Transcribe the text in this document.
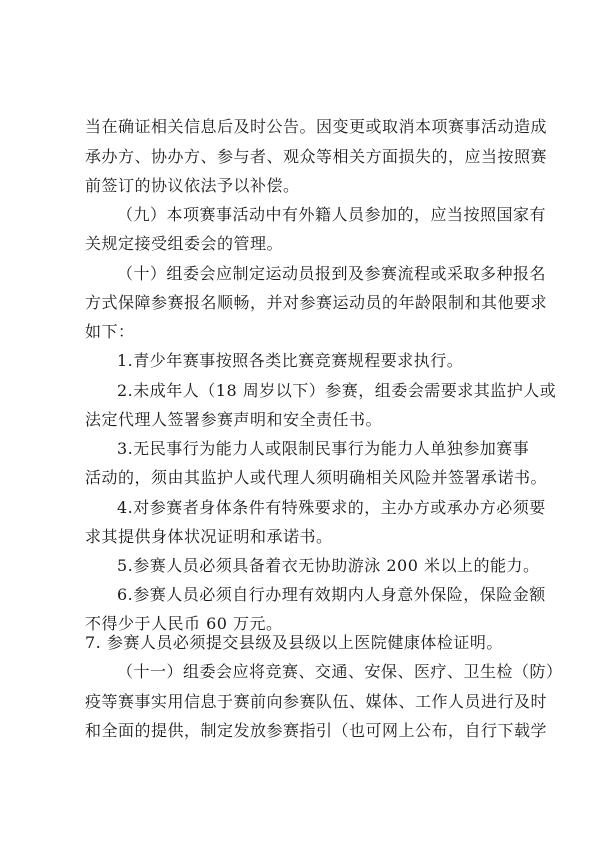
当在确证相关信息后及时公告。因变更或取消本项赛事活动造成
承办方、协办方、参与者、观众等相关方面损失的，应当按照赛
前签订的协议依法予以补偿。
（九）本项赛事活动中有外籍人员参加的，应当按照国家有
关规定接受组委会的管理。
（十）组委会应制定运动员报到及参赛流程或采取多种报名
方式保障参赛报名顺畅，并对参赛运动员的年龄限制和其他要求
如下：
1.青少年赛事按照各类比赛竞赛规程要求执行。
2.未成年人（18 周岁以下）参赛，组委会需要求其监护人或
法定代理人签署参赛声明和安全责任书。
3.无民事行为能力人或限制民事行为能力人单独参加赛事
活动的，须由其监护人或代理人须明确相关风险并签署承诺书。
4.对参赛者身体条件有特殊要求的，主办方或承办方必须要
求其提供身体状况证明和承诺书。
5.参赛人员必须具备着衣无协助游泳 200 米以上的能力。
6.参赛人员必须自行办理有效期内人身意外保险，保险金额
不得少于人民币 60 万元。
7. 参赛人员必须提交县级及县级以上医院健康体检证明。
（十一）组委会应将竞赛、交通、安保、医疗、卫生检（防）
疫等赛事实用信息于赛前向参赛队伍、媒体、工作人员进行及时
和全面的提供，制定发放参赛指引（也可网上公布，自行下载学
